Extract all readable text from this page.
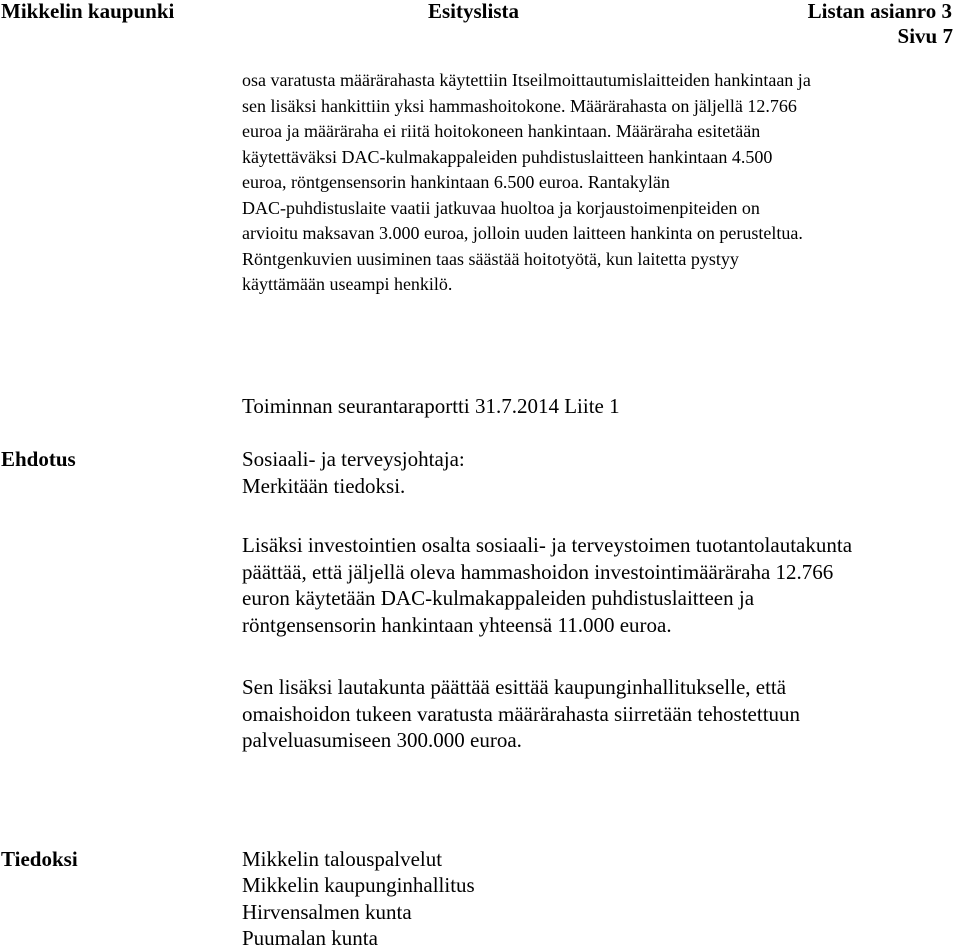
Mikkelin kaupunki	Esityslista	Listan asianro 3
Sivu 7
osa varatusta määrärahasta käytettiin Itseilmoittautumislaitteiden hankintaan ja
sen lisäksi hankittiin yksi hammashoitokone. Määrärahasta on jäljellä 12.766
euroa ja määräraha ei riitä hoitokoneen hankintaan. Määräraha esitetään
käytettäväksi DAC-kulmakappaleiden puhdistuslaitteen hankintaan 4.500
euroa, röntgensensorin hankintaan 6.500 euroa. Rantakylän
DAC-puhdistuslaite vaatii jatkuvaa huoltoa ja korjaustoimenpiteiden on
arvioitu maksavan 3.000 euroa, jolloin uuden laitteen hankinta on perusteltua.
Röntgenkuvien uusiminen taas säästää hoitotyötä, kun laitetta pystyy
käyttämään useampi henkilö.
Toiminnan seurantaraportti 31.7.2014 Liite 1
Ehdotus	Sosiaali- ja terveysjohtaja:
Merkitään tiedoksi.
Lisäksi investointien osalta sosiaali- ja terveystoimen tuotantolautakunta
päättää, että jäljellä oleva hammashoidon investointimääräraha 12.766
euron käytetään DAC-kulmakappaleiden puhdistuslaitteen ja
röntgensensorin hankintaan yhteensä 11.000 euroa.
Sen lisäksi lautakunta päättää esittää kaupunginhallitukselle, että
omaishoidon tukeen varatusta määrärahasta siirretään tehostettuun
palveluasumiseen 300.000 euroa.
Tiedoksi	Mikkelin talouspalvelut
Mikkelin kaupunginhallitus
Hirvensalmen kunta
Puumalan kunta
